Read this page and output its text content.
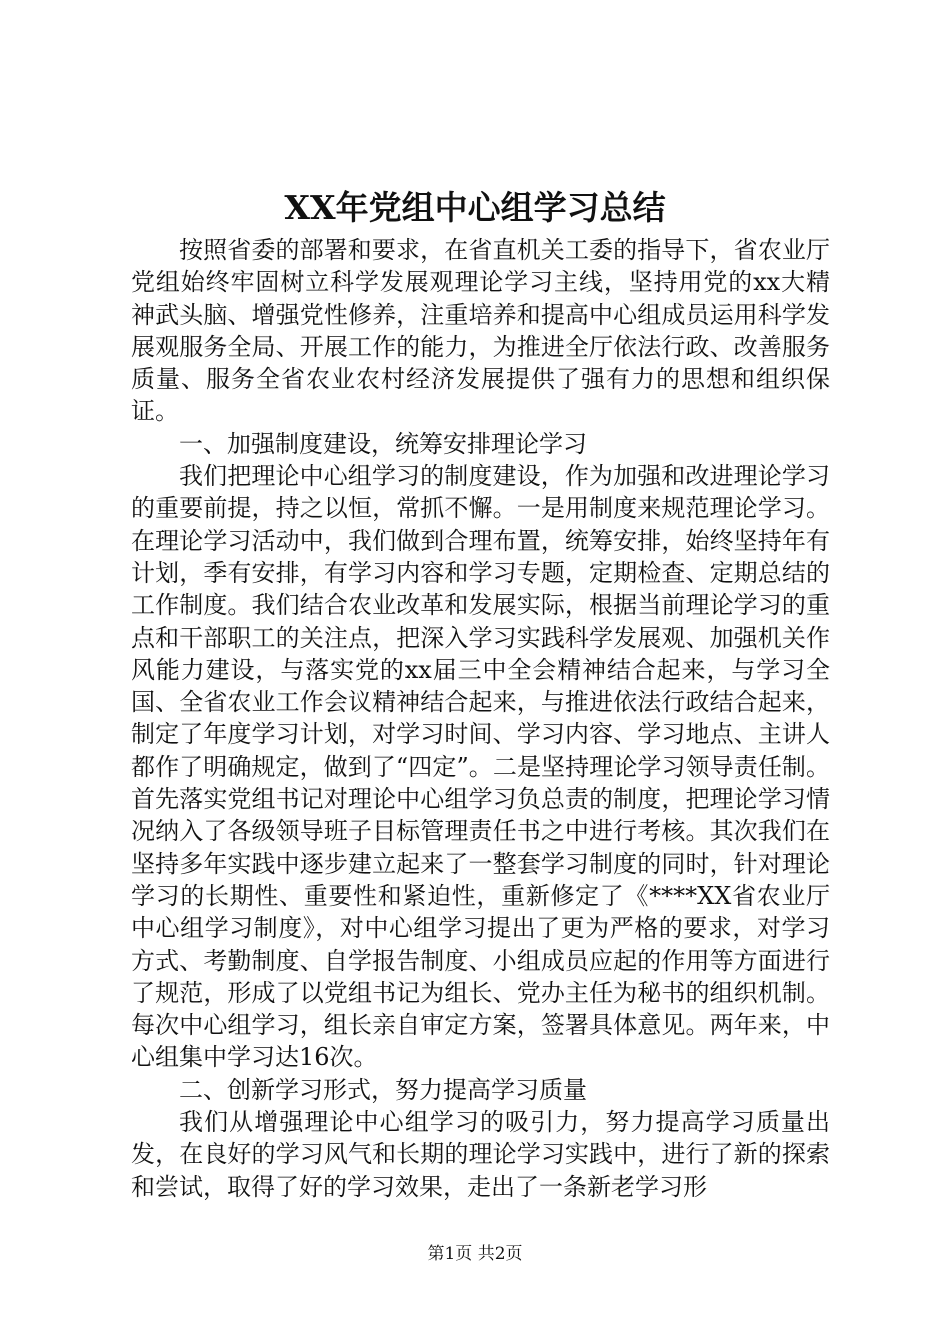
XX年党组中心组学习总结

按照省委的部署和要求，在省直机关工委的指导下，省农业厅党组始终牢固树立科学发展观理论学习主线，坚持用党的xx大精神武头脑、增强党性修养，注重培养和提高中心组成员运用科学发展观服务全局、开展工作的能力，为推进全厅依法行政、改善服务质量、服务全省农业农村经济发展提供了强有力的思想和组织保证。

一、加强制度建设，统筹安排理论学习

我们把理论中心组学习的制度建设，作为加强和改进理论学习的重要前提，持之以恒，常抓不懈。一是用制度来规范理论学习。在理论学习活动中，我们做到合理布置，统筹安排，始终坚持年有计划，季有安排，有学习内容和学习专题，定期检查、定期总结的工作制度。我们结合农业改革和发展实际，根据当前理论学习的重点和干部职工的关注点，把深入学习实践科学发展观、加强机关作风能力建设，与落实党的xx届三中全会精神结合起来，与学习全国、全省农业工作会议精神结合起来，与推进依法行政结合起来，制定了年度学习计划，对学习时间、学习内容、学习地点、主讲人都作了明确规定，做到了“四定”。二是坚持理论学习领导责任制。首先落实党组书记对理论中心组学习负总责的制度，把理论学习情况纳入了各级领导班子目标管理责任书之中进行考核。其次我们在坚持多年实践中逐步建立起来了一整套学习制度的同时，针对理论学习的长期性、重要性和紧迫性，重新修定了《****XX省农业厅中心组学习制度》，对中心组学习提出了更为严格的要求，对学习方式、考勤制度、自学报告制度、小组成员应起的作用等方面进行了规范，形成了以党组书记为组长、党办主任为秘书的组织机制。每次中心组学习，组长亲自审定方案，签署具体意见。两年来，中心组集中学习达16次。

二、创新学习形式，努力提高学习质量

我们从增强理论中心组学习的吸引力，努力提高学习质量出发，在良好的学习风气和长期的理论学习实践中，进行了新的探索和尝试，取得了好的学习效果，走出了一条新老学习形

第1页 共2页
